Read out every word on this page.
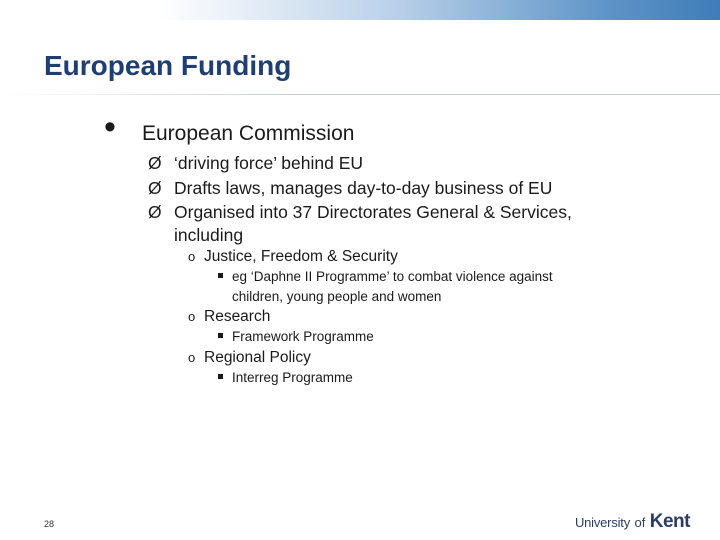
European Funding
• European Commission
Ø ‘driving force’ behind EU
Ø Drafts laws, manages day-to-day business of EU
Ø Organised into 37 Directorates General & Services,
including
o Justice, Freedom & Security
eg ‘Daphne II Programme’ to combat violence against
children, young people and women
o Research
Framework Programme
o Regional Policy
Interreg Programme
28	University of Kent
